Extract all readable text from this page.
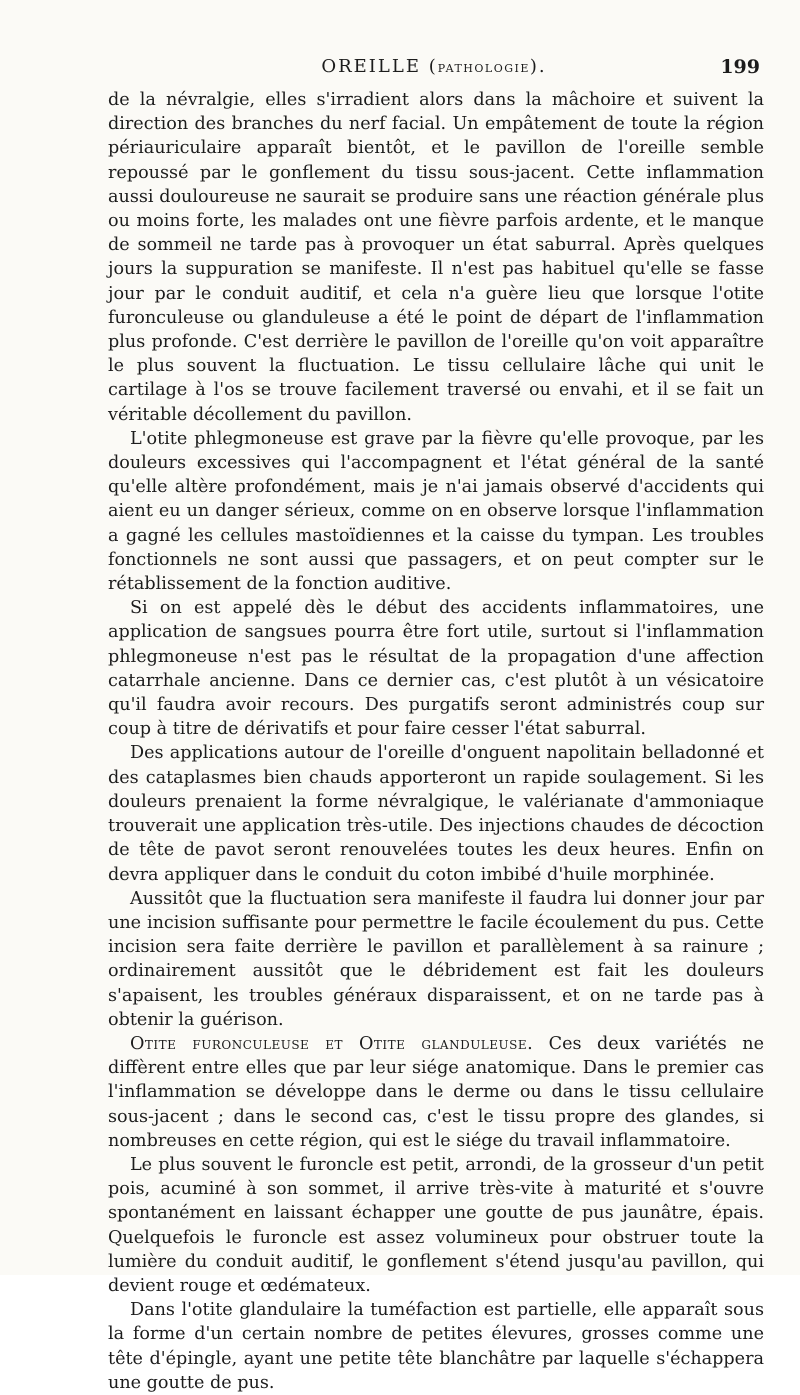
OREILLE (PATHOLOGIE).	199

de la névralgie, elles s'irradient alors dans la mâchoire et suivent la direction des branches du nerf facial. Un empâtement de toute la région périauriculaire apparaît bientôt, et le pavillon de l'oreille semble repoussé par le gonflement du tissu sous-jacent. Cette inflammation aussi douloureuse ne saurait se produire sans une réaction générale plus ou moins forte, les malades ont une fièvre parfois ardente, et le manque de sommeil ne tarde pas à provoquer un état saburral. Après quelques jours la suppuration se manifeste. Il n'est pas habituel qu'elle se fasse jour par le conduit auditif, et cela n'a guère lieu que lorsque l'otite furonculeuse ou glanduleuse a été le point de départ de l'inflammation plus profonde. C'est derrière le pavillon de l'oreille qu'on voit apparaître le plus souvent la fluctuation. Le tissu cellulaire lâche qui unit le cartilage à l'os se trouve facilement traversé ou envahi, et il se fait un véritable décollement du pavillon.

L'otite phlegmoneuse est grave par la fièvre qu'elle provoque, par les douleurs excessives qui l'accompagnent et l'état général de la santé qu'elle altère profondément, mais je n'ai jamais observé d'accidents qui aient eu un danger sérieux, comme on en observe lorsque l'inflammation a gagné les cellules mastoïdiennes et la caisse du tympan. Les troubles fonctionnels ne sont aussi que passagers, et on peut compter sur le rétablissement de la fonction auditive.

Si on est appelé dès le début des accidents inflammatoires, une application de sangsues pourra être fort utile, surtout si l'inflammation phlegmoneuse n'est pas le résultat de la propagation d'une affection catarrhale ancienne. Dans ce dernier cas, c'est plutôt à un vésicatoire qu'il faudra avoir recours. Des purgatifs seront administrés coup sur coup à titre de dérivatifs et pour faire cesser l'état saburral.

Des applications autour de l'oreille d'onguent napolitain belladonné et des cataplasmes bien chauds apporteront un rapide soulagement. Si les douleurs prenaient la forme névralgique, le valérianate d'ammoniaque trouverait une application très-utile. Des injections chaudes de décoction de tête de pavot seront renouvelées toutes les deux heures. Enfin on devra appliquer dans le conduit du coton imbibé d'huile morphinée.

Aussitôt que la fluctuation sera manifeste il faudra lui donner jour par une incision suffisante pour permettre le facile écoulement du pus. Cette incision sera faite derrière le pavillon et parallèlement à sa rainure ; ordinairement aussitôt que le débridement est fait les douleurs s'apaisent, les troubles généraux disparaissent, et on ne tarde pas à obtenir la guérison.

Otite furonculeuse et Otite glanduleuse. Ces deux variétés ne diffèrent entre elles que par leur siége anatomique. Dans le premier cas l'inflammation se développe dans le derme ou dans le tissu cellulaire sous-jacent ; dans le second cas, c'est le tissu propre des glandes, si nombreuses en cette région, qui est le siége du travail inflammatoire.

Le plus souvent le furoncle est petit, arrondi, de la grosseur d'un petit pois, acuminé à son sommet, il arrive très-vite à maturité et s'ouvre spontanément en laissant échapper une goutte de pus jaunâtre, épais. Quelquefois le furoncle est assez volumineux pour obstruer toute la lumière du conduit auditif, le gonflement s'étend jusqu'au pavillon, qui devient rouge et œdémateux.

Dans l'otite glandulaire la tuméfaction est partielle, elle apparaît sous la forme d'un certain nombre de petites élevures, grosses comme une tête d'épingle, ayant une petite tête blanchâtre par laquelle s'échappera une goutte de pus.
